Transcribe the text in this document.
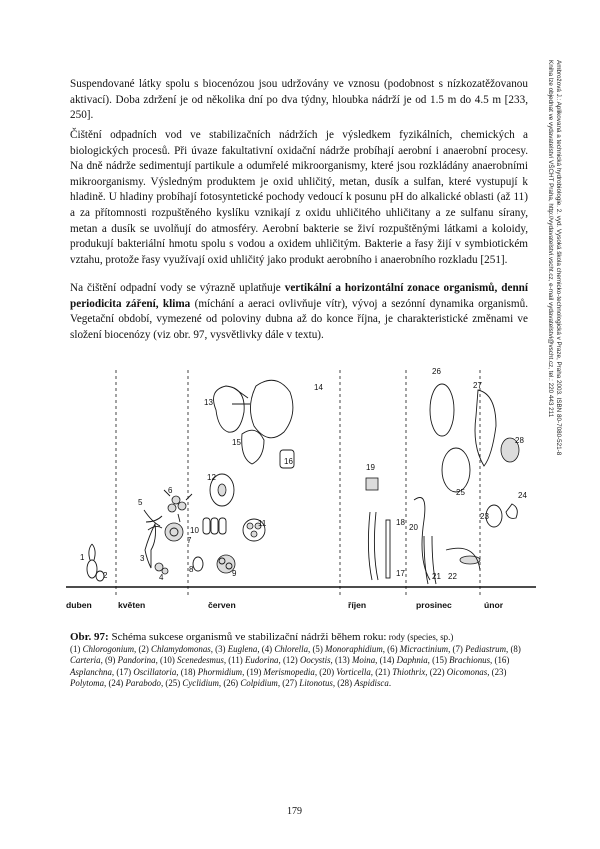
Ambrožová J.: Aplikovaná a technická hydrobiologie. 2. vyd. Vysoká škola chemicko-technologická v Praze, Praha 2003. ISBN 80-7080-521-8
Kniha lze objednat ve vydavatelství VŠCHT Praha, http://vydavatelstvi.vscht.cz, e-mail vydavatelstvi@vscht.cz, tel.: 220 443 211

Suspendované látky spolu s biocenózou jsou udržovány ve vznosu (podobnost s nízkozatěžovanou aktivací). Doba zdržení je od několika dní po dva týdny, hloubka nádrží je od 1.5 m do 4.5 m [233, 250].

Čištění odpadních vod ve stabilizačních nádržích je výsledkem fyzikálních, chemických a biologických procesů. Při úvaze fakultativní oxidační nádrže probíhají aerobní i anaerobní procesy. Na dně nádrže sedimentují partikule a odumřelé mikroorganismy, které jsou rozkládány anaerobními mikroorganismy. Výsledným produktem je oxid uhličitý, metan, dusík a sulfan, které vystupují k hladině. U hladiny probíhají fotosyntetické pochody vedoucí k posunu pH do alkalické oblasti (až 11) a za přítomnosti rozpuštěného kyslíku vznikají z oxidu uhličitého uhličitany a ze sulfanu sírany, metan a dusík se uvolňují do atmosféry. Aerobní bakterie se živí rozpuštěnými látkami a koloidy, produkují bakteriální hmotu spolu s vodou a oxidem uhličitým. Bakterie a řasy žijí v symbiotickém vztahu, protože řasy využívají oxid uhličitý jako produkt aerobního i anaerobního rozkladu [251].

Na čištění odpadní vody se výrazně uplatňuje vertikální a horizontální zonace organismů, denní periodicita záření, klima (míchání a aeraci ovlivňuje vítr), vývoj a sezónní dynamika organismů. Vegetační období, vymezené od poloviny dubna až do konce října, je charakteristické změnami ve složení biocenózy (viz obr. 97, vysvětlivky dále v textu).

1
2
3
4
5
6
7
8	9
10
11
12
13
14
15
16
17
18
19
20
21 22
23
24
25
26
27
28
duben	květen	červen	říjen	prosinec	únor

Obr. 97: Schéma sukcese organismů ve stabilizační nádrži během roku: rody (species, sp.)
(1) Chlorogonium, (2) Chlamydomonas, (3) Euglena, (4) Chlorella, (5) Monoraphidium, (6) Micractinium, (7) Pediastrum, (8) Carteria, (9) Pandorina, (10) Scenedesmus, (11) Eudorina, (12) Oocystis, (13) Moina, (14) Daphnia, (15) Brachionus, (16) Asplanchna, (17) Oscillatoria, (18) Phormidium, (19) Merismopedia, (20) Vorticella, (21) Thiothrix, (22) Oicomonas, (23) Polytoma, (24) Parabodo, (25) Cyclidium, (26) Colpidium, (27) Litonotus, (28) Aspidisca.

179
